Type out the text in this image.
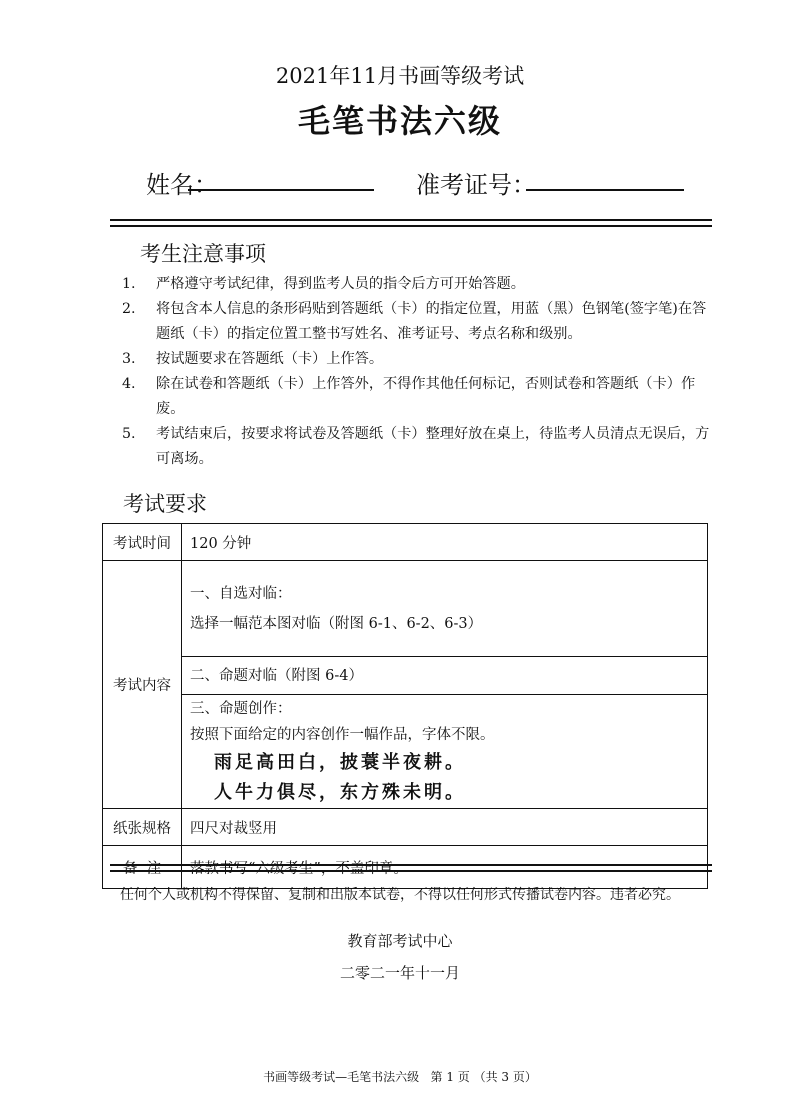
2021年11月书画等级考试
毛笔书法六级
姓名：	准考证号：
考生注意事项
1. 严格遵守考试纪律，得到监考人员的指令后方可开始答题。
2. 将包含本人信息的条形码贴到答题纸（卡）的指定位置，用蓝（黑）色钢笔(签字笔)在答题纸（卡）的指定位置工整书写姓名、准考证号、考点名称和级别。
3. 按试题要求在答题纸（卡）上作答。
4. 除在试卷和答题纸（卡）上作答外，不得作其他任何标记，否则试卷和答题纸（卡）作废。
5. 考试结束后，按要求将试卷及答题纸（卡）整理好放在桌上，待监考人员清点无误后，方可离场。
考试要求
考试时间	120 分钟
考试内容	一、自选对临：
选择一幅范本图对临（附图 6-1、6-2、6-3）

	二、命题对临（附图 6-4）

	三、命题创作：
按照下面给定的内容创作一幅作品，字体不限。
雨足高田白，披蓑半夜耕。
人牛力俱尽，东方殊未明。

纸张规格	四尺对裁竖用
备  注	落款书写“六级考生”，不盖印章。
任何个人或机构不得保留、复制和出版本试卷，不得以任何形式传播试卷内容。违者必究。
教育部考试中心
二零二一年十一月
书画等级考试—毛笔书法六级   第 1 页 （共 3 页）
